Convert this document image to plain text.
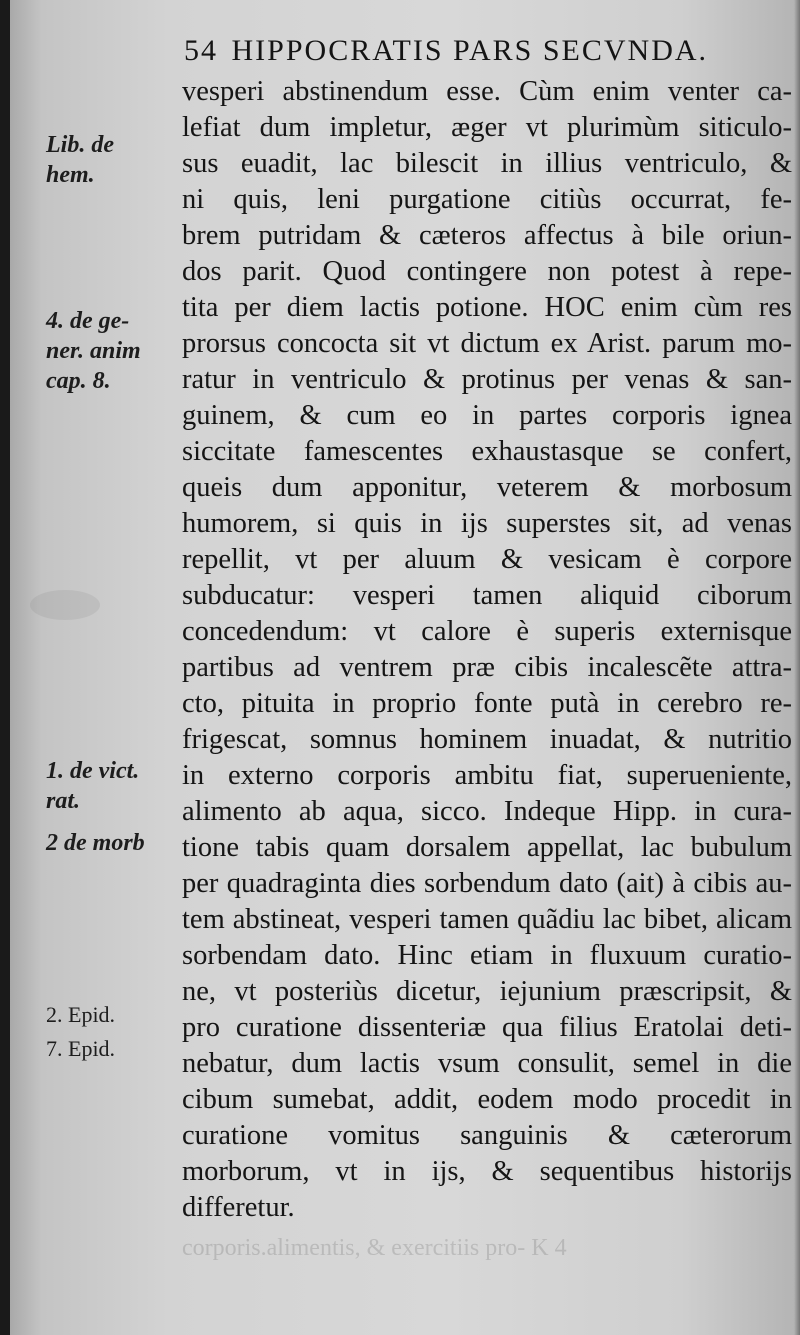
54 HIPPOCRATIS PARS SECVNDA.
vesperi abstinendum esse. Cùm enim venter ca-
lefiat dum impletur, æger vt plurimùm siticulo-
sus euadit, lac bilescit in illius ventriculo, &
ni quis, leni purgatione citiùs occurrat, fe-
brem putridam & cæteros affectus à bile oriun-
dos parit. Quod contingere non potest à repe-
tita per diem lactis potione. HOC enim cùm res
prorsus concocta sit vt dictum ex Arist. parum mo-
ratur in ventriculo & protinus per venas & san-
guinem, & cum eo in partes corporis ignea
siccitate famescentes exhaustasque se confert,
queis dum apponitur, veterem & morbosum
humorem, si quis in ijs superstes sit, ad venas
repellit, vt per aluum & vesicam è corpore
subducatur: vesperi tamen aliquid ciborum
concedendum: vt calore è superis externisque
partibus ad ventrem præ cibis incalescẽte attra-
cto, pituita in proprio fonte putà in cerebro re-
frigescat, somnus hominem inuadat, & nutritio
in externo corporis ambitu fiat, superueniente,
alimento ab aqua, sicco. Indeque Hipp. in cura-
tione tabis quam dorsalem appellat, lac bubulum
per quadraginta dies sorbendum dato (ait) à cibis au-
tem abstineat, vesperi tamen quãdiu lac bibet, alicam
sorbendam dato. Hinc etiam in fluxuum curatio-
ne, vt posteriùs dicetur, iejunium præscripsit, &
pro curatione dissenteriæ qua filius Eratolai deti-
nebatur, dum lactis vsum consulit, semel in die
cibum sumebat, addit, eodem modo procedit in
curatione vomitus sanguinis & cæterorum
morborum, vt in ijs, & sequentibus historijs
differetur.
Lib. de
hem.
4. de ge-
ner. anim
cap. 8.
1. de vict.
rat.
2 de morb
2. Epid.
7. Epid.
corporis.alimentis, & exercitiis pro- K 4
